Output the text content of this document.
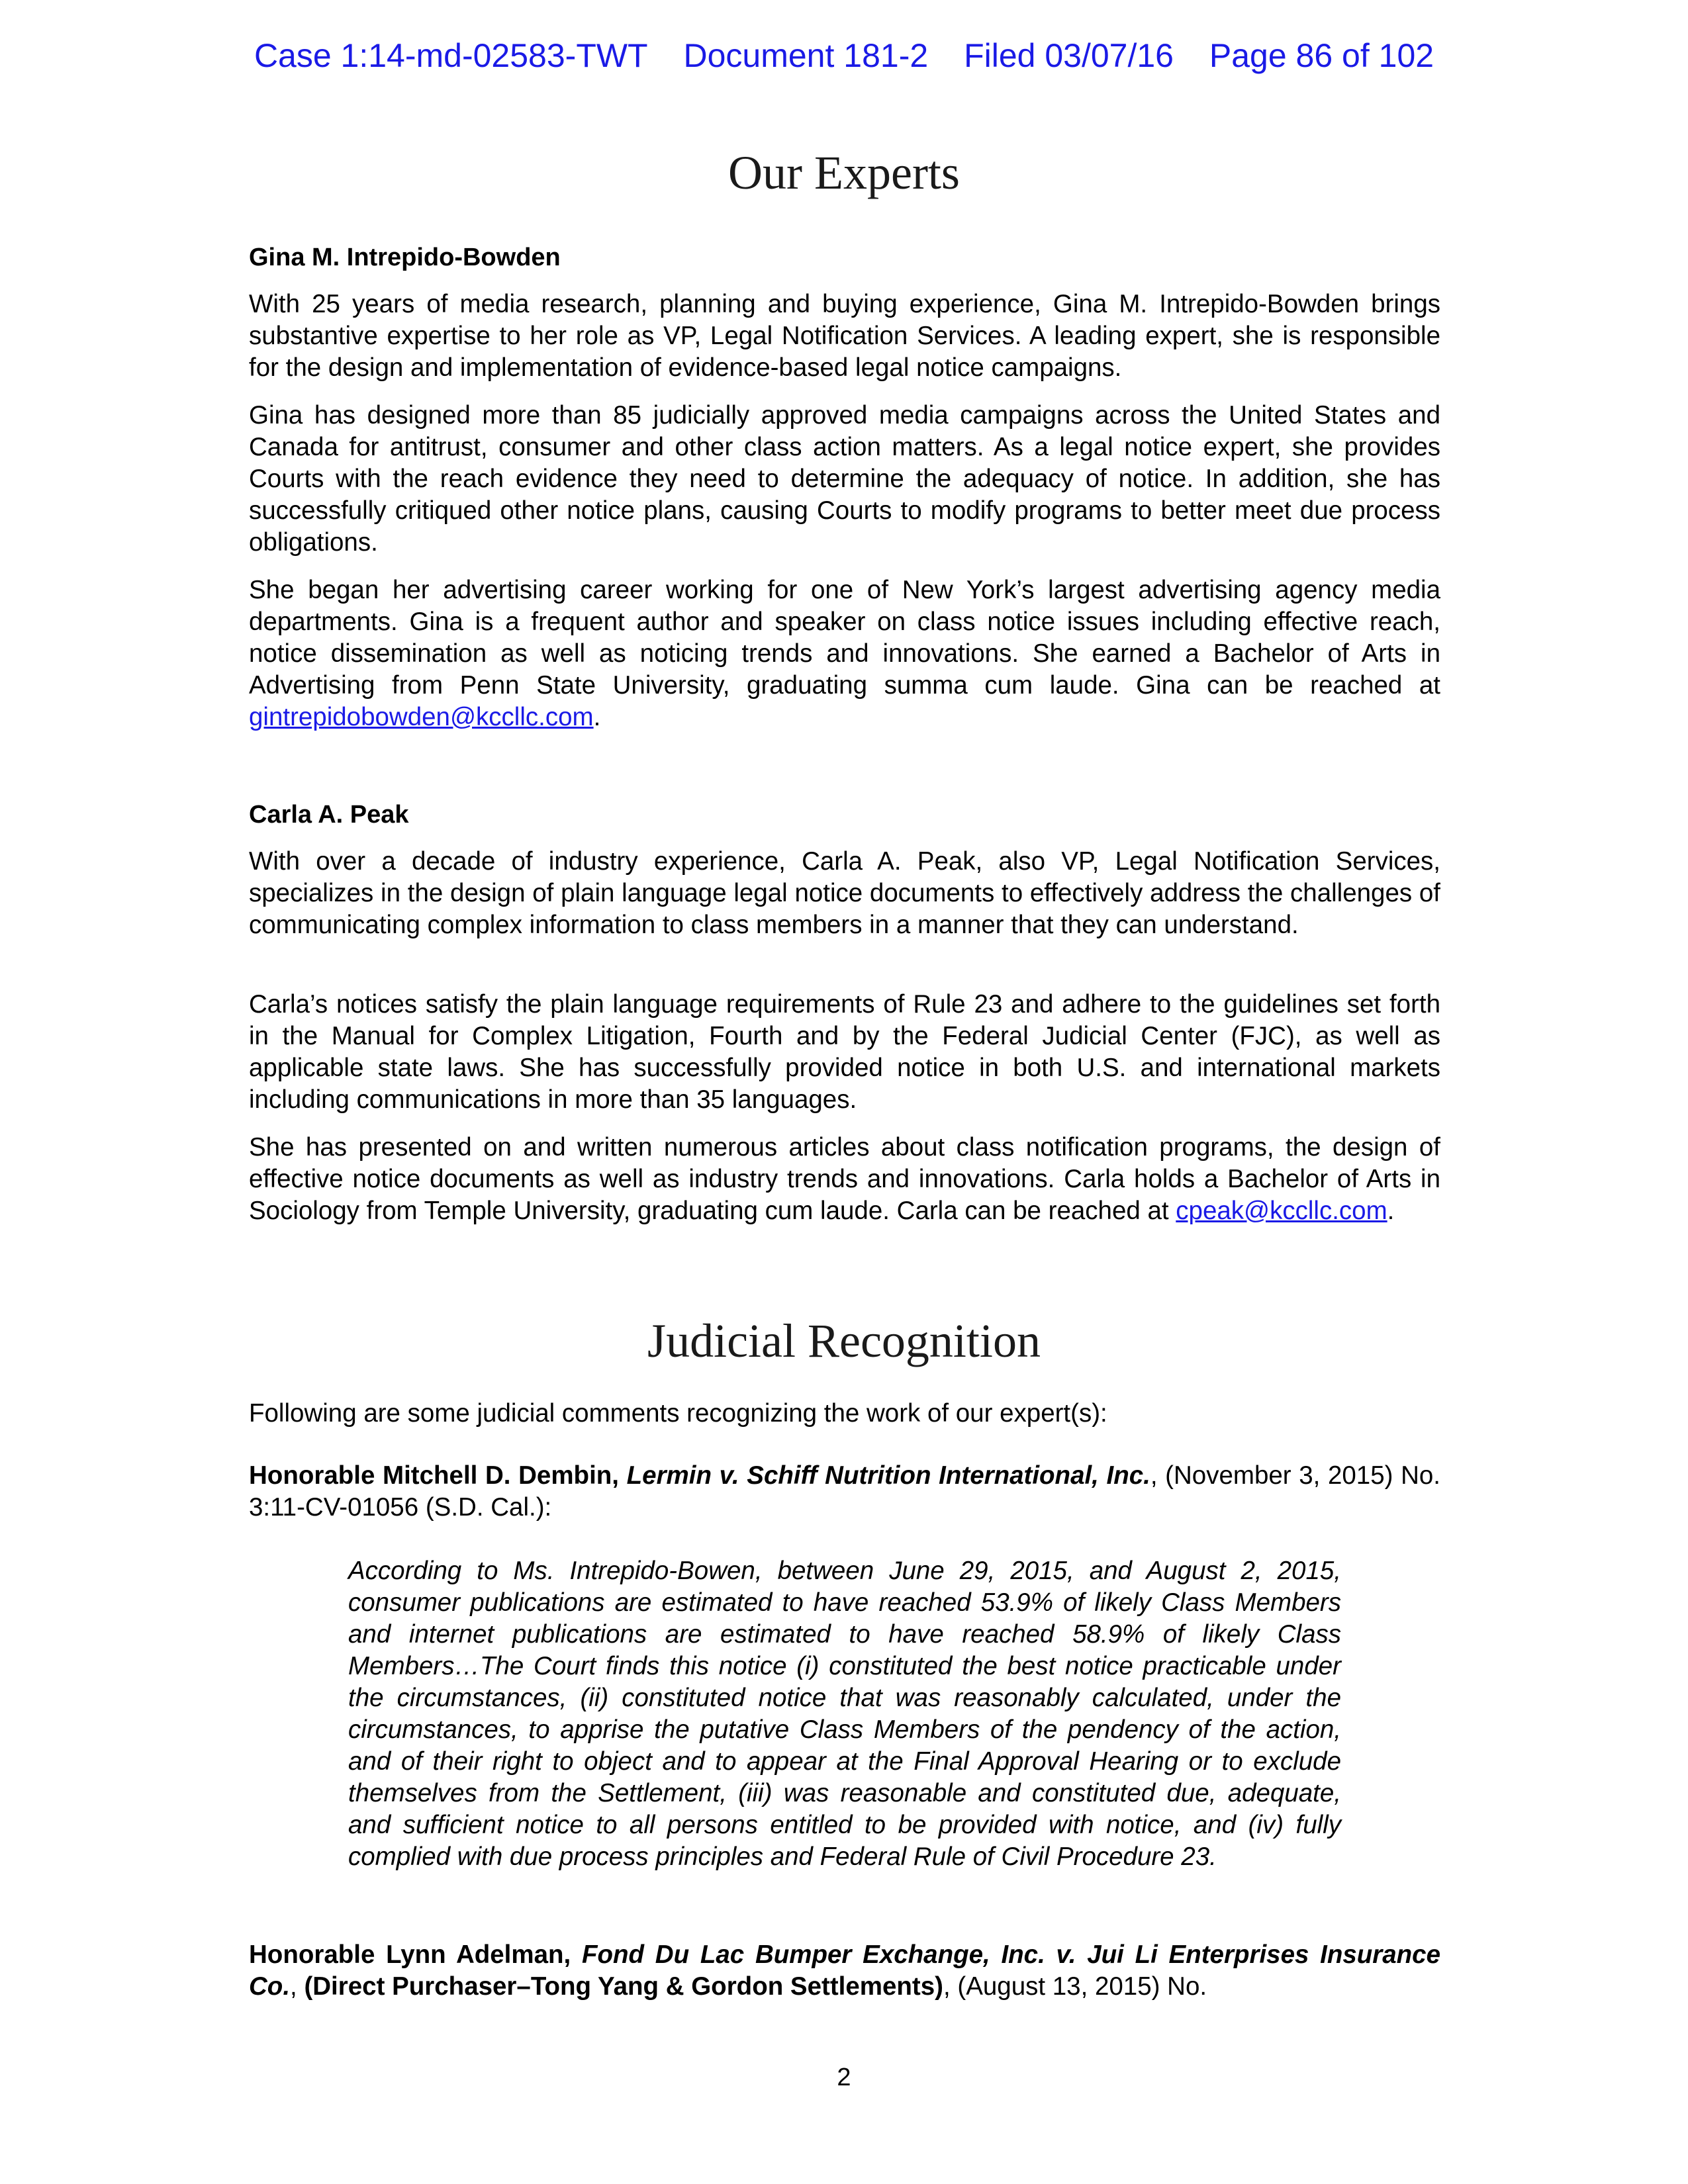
Case 1:14-md-02583-TWT Document 181-2 Filed 03/07/16 Page 86 of 102
Our Experts
Gina M. Intrepido-Bowden
With 25 years of media research, planning and buying experience, Gina M. Intrepido-Bowden brings substantive expertise to her role as VP, Legal Notification Services. A leading expert, she is responsible for the design and implementation of evidence-based legal notice campaigns.
Gina has designed more than 85 judicially approved media campaigns across the United States and Canada for antitrust, consumer and other class action matters. As a legal notice expert, she provides Courts with the reach evidence they need to determine the adequacy of notice. In addition, she has successfully critiqued other notice plans, causing Courts to modify programs to better meet due process obligations.
She began her advertising career working for one of New York’s largest advertising agency media departments. Gina is a frequent author and speaker on class notice issues including effective reach, notice dissemination as well as noticing trends and innovations. She earned a Bachelor of Arts in Advertising from Penn State University, graduating summa cum laude. Gina can be reached at gintrepidobowden@kccllc.com.
Carla A. Peak
With over a decade of industry experience, Carla A. Peak, also VP, Legal Notification Services, specializes in the design of plain language legal notice documents to effectively address the challenges of communicating complex information to class members in a manner that they can understand.
Carla’s notices satisfy the plain language requirements of Rule 23 and adhere to the guidelines set forth in the Manual for Complex Litigation, Fourth and by the Federal Judicial Center (FJC), as well as applicable state laws. She has successfully provided notice in both U.S. and international markets including communications in more than 35 languages.
She has presented on and written numerous articles about class notification programs, the design of effective notice documents as well as industry trends and innovations. Carla holds a Bachelor of Arts in Sociology from Temple University, graduating cum laude. Carla can be reached at cpeak@kccllc.com.
Judicial Recognition
Following are some judicial comments recognizing the work of our expert(s):
Honorable Mitchell D. Dembin, Lermin v. Schiff Nutrition International, Inc., (November 3, 2015) No. 3:11-CV-01056 (S.D. Cal.):
According to Ms. Intrepido-Bowen, between June 29, 2015, and August 2, 2015, consumer publications are estimated to have reached 53.9% of likely Class Members and internet publications are estimated to have reached 58.9% of likely Class Members…The Court finds this notice (i) constituted the best notice practicable under the circumstances, (ii) constituted notice that was reasonably calculated, under the circumstances, to apprise the putative Class Members of the pendency of the action, and of their right to object and to appear at the Final Approval Hearing or to exclude themselves from the Settlement, (iii) was reasonable and constituted due, adequate, and sufficient notice to all persons entitled to be provided with notice, and (iv) fully complied with due process principles and Federal Rule of Civil Procedure 23.
Honorable Lynn Adelman, Fond Du Lac Bumper Exchange, Inc. v. Jui Li Enterprises Insurance Co., (Direct Purchaser–Tong Yang & Gordon Settlements), (August 13, 2015) No.
2
